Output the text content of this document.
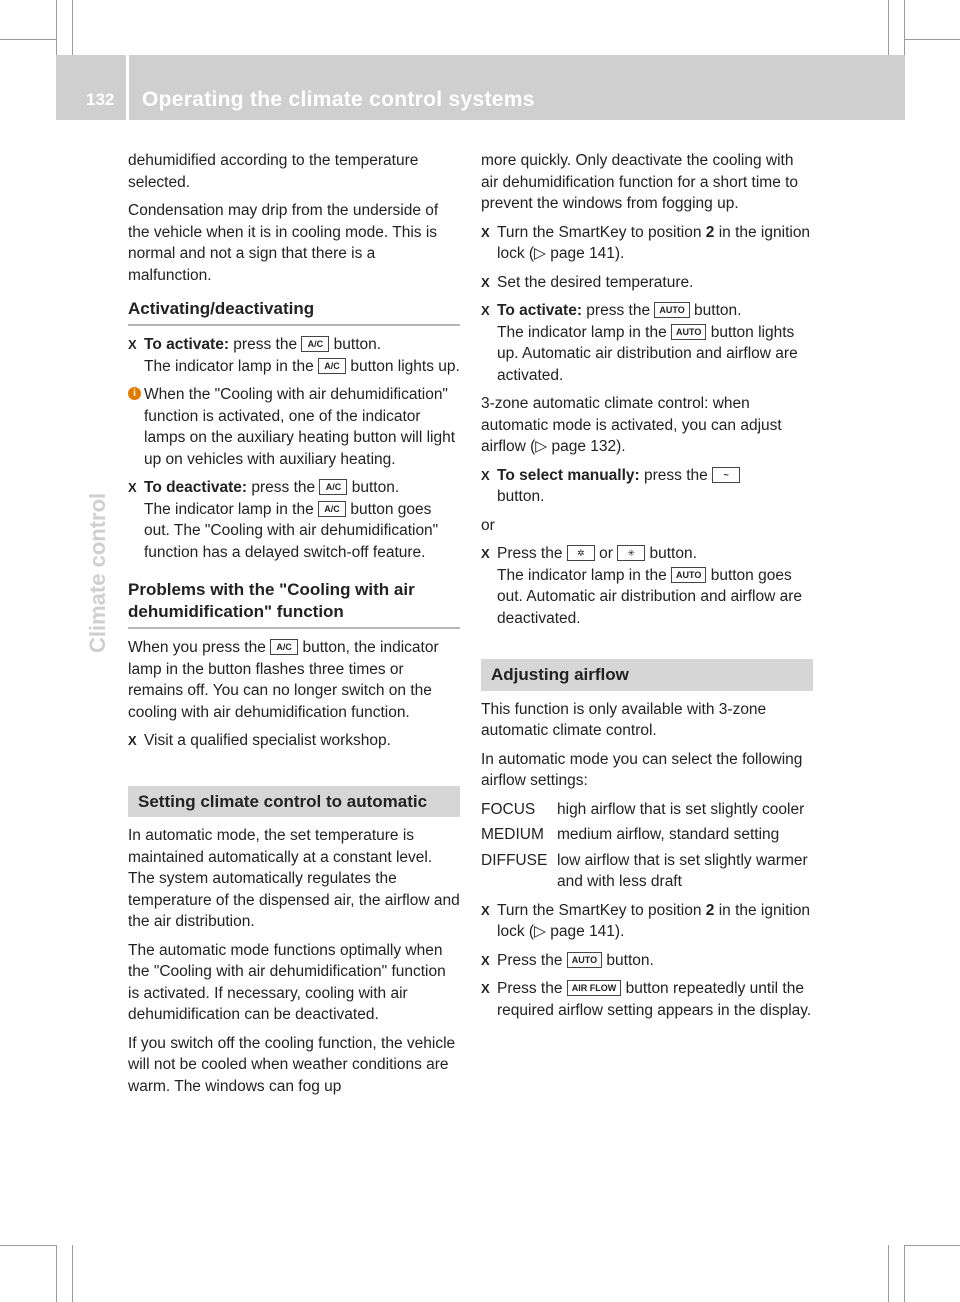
132 Operating the climate control systems
Climate control

dehumidified according to the temperature selected.

Condensation may drip from the underside of the vehicle when it is in cooling mode. This is normal and not a sign that there is a malfunction.

Activating/deactivating
X To activate: press the A/C button.
The indicator lamp in the A/C button lights up.
i When the "Cooling with air dehumidification" function is activated, one of the indicator lamps on the auxiliary heating button will light up on vehicles with auxiliary heating.
X To deactivate: press the A/C button.
The indicator lamp in the A/C button goes out. The "Cooling with air dehumidification" function has a delayed switch-off feature.
Problems with the "Cooling with air dehumidification" function

When you press the A/C button, the indicator lamp in the button flashes three times or remains off. You can no longer switch on the cooling with air dehumidification function.

X Visit a qualified specialist workshop.
Setting climate control to automatic

In automatic mode, the set temperature is maintained automatically at a constant level. The system automatically regulates the temperature of the dispensed air, the airflow and the air distribution.

The automatic mode functions optimally when the "Cooling with air dehumidification" function is activated. If necessary, cooling with air dehumidification can be deactivated.

If you switch off the cooling function, the vehicle will not be cooled when weather conditions are warm. The windows can fog up

more quickly. Only deactivate the cooling with air dehumidification function for a short time to prevent the windows from fogging up.

X Turn the SmartKey to position 2 in the ignition lock (▷ page 141).
X Set the desired temperature.
X To activate: press the AUTO button.
The indicator lamp in the AUTO button lights up. Automatic air distribution and airflow are activated.

3-zone automatic climate control: when automatic mode is activated, you can adjust airflow (▷ page 132).

X To select manually: press the ~
button.

or

X Press the ✲ or ✳ button.
The indicator lamp in the AUTO button goes out. Automatic air distribution and airflow are deactivated.
Adjusting airflow

This function is only available with 3-zone automatic climate control.

In automatic mode you can select the following airflow settings:

FOCUS	high airflow that is set slightly cooler
MEDIUM medium airflow, standard setting
DIFFUSE low airflow that is set slightly warmer and with less draft
X Turn the SmartKey to position 2 in the ignition lock (▷ page 141).
X Press the AUTO button.
X Press the AIR FLOW button repeatedly until the required airflow setting appears in the display.
